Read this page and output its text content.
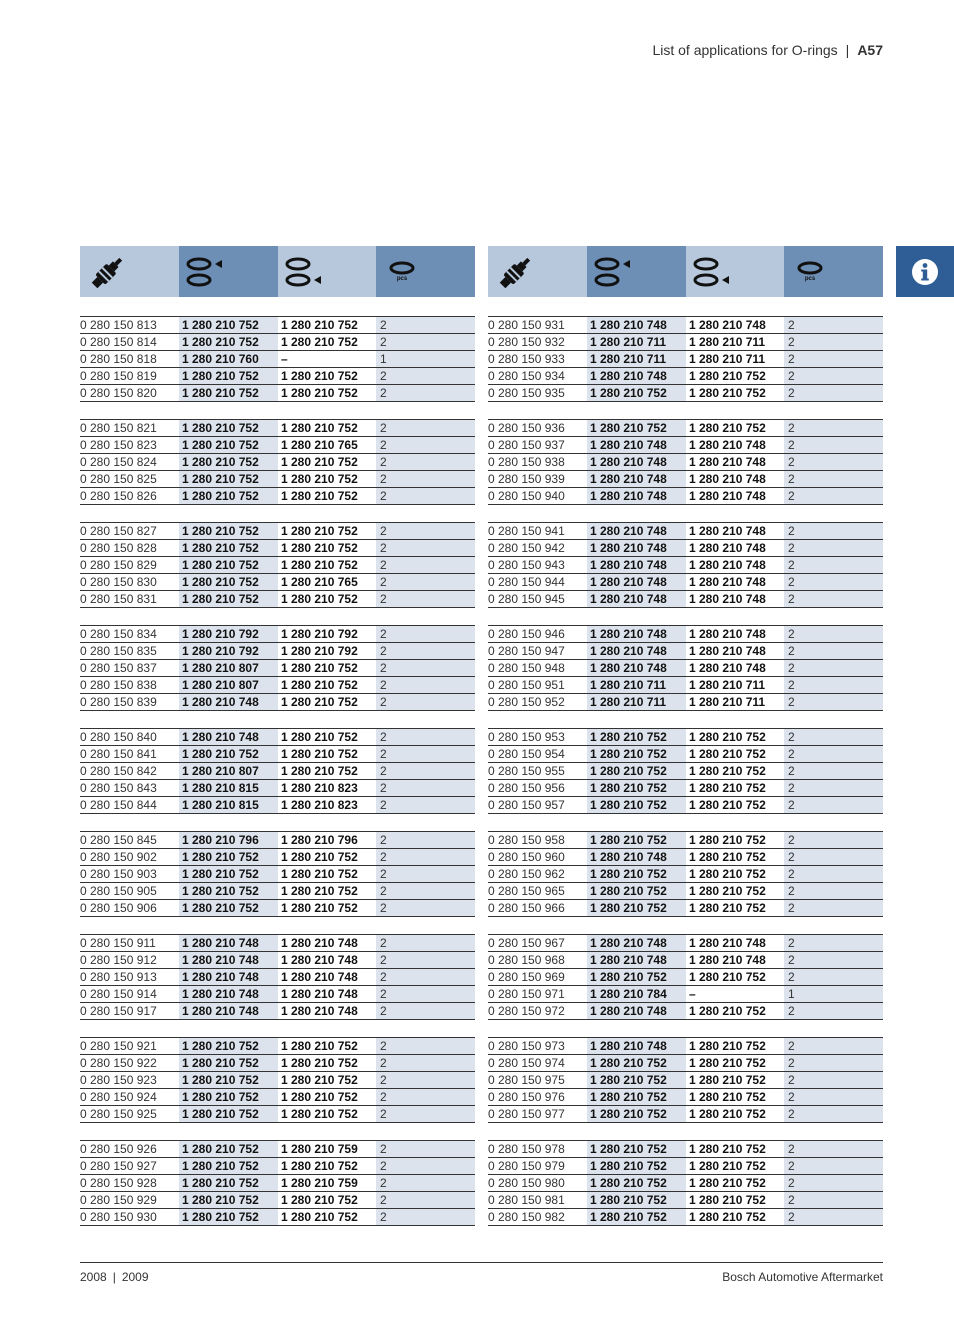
List of applications for O-rings | A57
pcs
0 280 150 813	1 280 210 752	1 280 210 752	2
0 280 150 814	1 280 210 752	1 280 210 752	2
0 280 150 818	1 280 210 760	–	1
0 280 150 819	1 280 210 752	1 280 210 752	2
0 280 150 820	1 280 210 752	1 280 210 752	2
0 280 150 821	1 280 210 752	1 280 210 752	2
0 280 150 823	1 280 210 752	1 280 210 765	2
0 280 150 824	1 280 210 752	1 280 210 752	2
0 280 150 825	1 280 210 752	1 280 210 752	2
0 280 150 826	1 280 210 752	1 280 210 752	2
0 280 150 827	1 280 210 752	1 280 210 752	2
0 280 150 828	1 280 210 752	1 280 210 752	2
0 280 150 829	1 280 210 752	1 280 210 752	2
0 280 150 830	1 280 210 752	1 280 210 765	2
0 280 150 831	1 280 210 752	1 280 210 752	2
0 280 150 834	1 280 210 792	1 280 210 792	2
0 280 150 835	1 280 210 792	1 280 210 792	2
0 280 150 837	1 280 210 807	1 280 210 752	2
0 280 150 838	1 280 210 807	1 280 210 752	2
0 280 150 839	1 280 210 748	1 280 210 752	2
0 280 150 840	1 280 210 748	1 280 210 752	2
0 280 150 841	1 280 210 752	1 280 210 752	2
0 280 150 842	1 280 210 807	1 280 210 752	2
0 280 150 843	1 280 210 815	1 280 210 823	2
0 280 150 844	1 280 210 815	1 280 210 823	2
0 280 150 845	1 280 210 796	1 280 210 796	2
0 280 150 902	1 280 210 752	1 280 210 752	2
0 280 150 903	1 280 210 752	1 280 210 752	2
0 280 150 905	1 280 210 752	1 280 210 752	2
0 280 150 906	1 280 210 752	1 280 210 752	2
0 280 150 911	1 280 210 748	1 280 210 748	2
0 280 150 912	1 280 210 748	1 280 210 748	2
0 280 150 913	1 280 210 748	1 280 210 748	2
0 280 150 914	1 280 210 748	1 280 210 748	2
0 280 150 917	1 280 210 748	1 280 210 748	2
0 280 150 921	1 280 210 752	1 280 210 752	2
0 280 150 922	1 280 210 752	1 280 210 752	2
0 280 150 923	1 280 210 752	1 280 210 752	2
0 280 150 924	1 280 210 752	1 280 210 752	2
0 280 150 925	1 280 210 752	1 280 210 752	2
0 280 150 926	1 280 210 752	1 280 210 759	2
0 280 150 927	1 280 210 752	1 280 210 752	2
0 280 150 928	1 280 210 752	1 280 210 759	2
0 280 150 929	1 280 210 752	1 280 210 752	2
0 280 150 930	1 280 210 752	1 280 210 752	2
pcs
0 280 150 931	1 280 210 748	1 280 210 748	2
0 280 150 932	1 280 210 711	1 280 210 711	2
0 280 150 933	1 280 210 711	1 280 210 711	2
0 280 150 934	1 280 210 748	1 280 210 752	2
0 280 150 935	1 280 210 752	1 280 210 752	2
0 280 150 936	1 280 210 752	1 280 210 752	2
0 280 150 937	1 280 210 748	1 280 210 748	2
0 280 150 938	1 280 210 748	1 280 210 748	2
0 280 150 939	1 280 210 748	1 280 210 748	2
0 280 150 940	1 280 210 748	1 280 210 748	2
0 280 150 941	1 280 210 748	1 280 210 748	2
0 280 150 942	1 280 210 748	1 280 210 748	2
0 280 150 943	1 280 210 748	1 280 210 748	2
0 280 150 944	1 280 210 748	1 280 210 748	2
0 280 150 945	1 280 210 748	1 280 210 748	2
0 280 150 946	1 280 210 748	1 280 210 748	2
0 280 150 947	1 280 210 748	1 280 210 748	2
0 280 150 948	1 280 210 748	1 280 210 748	2
0 280 150 951	1 280 210 711	1 280 210 711	2
0 280 150 952	1 280 210 711	1 280 210 711	2
0 280 150 953	1 280 210 752	1 280 210 752	2
0 280 150 954	1 280 210 752	1 280 210 752	2
0 280 150 955	1 280 210 752	1 280 210 752	2
0 280 150 956	1 280 210 752	1 280 210 752	2
0 280 150 957	1 280 210 752	1 280 210 752	2
0 280 150 958	1 280 210 752	1 280 210 752	2
0 280 150 960	1 280 210 748	1 280 210 752	2
0 280 150 962	1 280 210 752	1 280 210 752	2
0 280 150 965	1 280 210 752	1 280 210 752	2
0 280 150 966	1 280 210 752	1 280 210 752	2
0 280 150 967	1 280 210 748	1 280 210 748	2
0 280 150 968	1 280 210 748	1 280 210 748	2
0 280 150 969	1 280 210 752	1 280 210 752	2
0 280 150 971	1 280 210 784	–	1
0 280 150 972	1 280 210 748	1 280 210 752	2
0 280 150 973	1 280 210 748	1 280 210 752	2
0 280 150 974	1 280 210 752	1 280 210 752	2
0 280 150 975	1 280 210 752	1 280 210 752	2
0 280 150 976	1 280 210 752	1 280 210 752	2
0 280 150 977	1 280 210 752	1 280 210 752	2
0 280 150 978	1 280 210 752	1 280 210 752	2
0 280 150 979	1 280 210 752	1 280 210 752	2
0 280 150 980	1 280 210 752	1 280 210 752	2
0 280 150 981	1 280 210 752	1 280 210 752	2
0 280 150 982	1 280 210 752	1 280 210 752	2
2008 | 2009	Bosch Automotive Aftermarket
